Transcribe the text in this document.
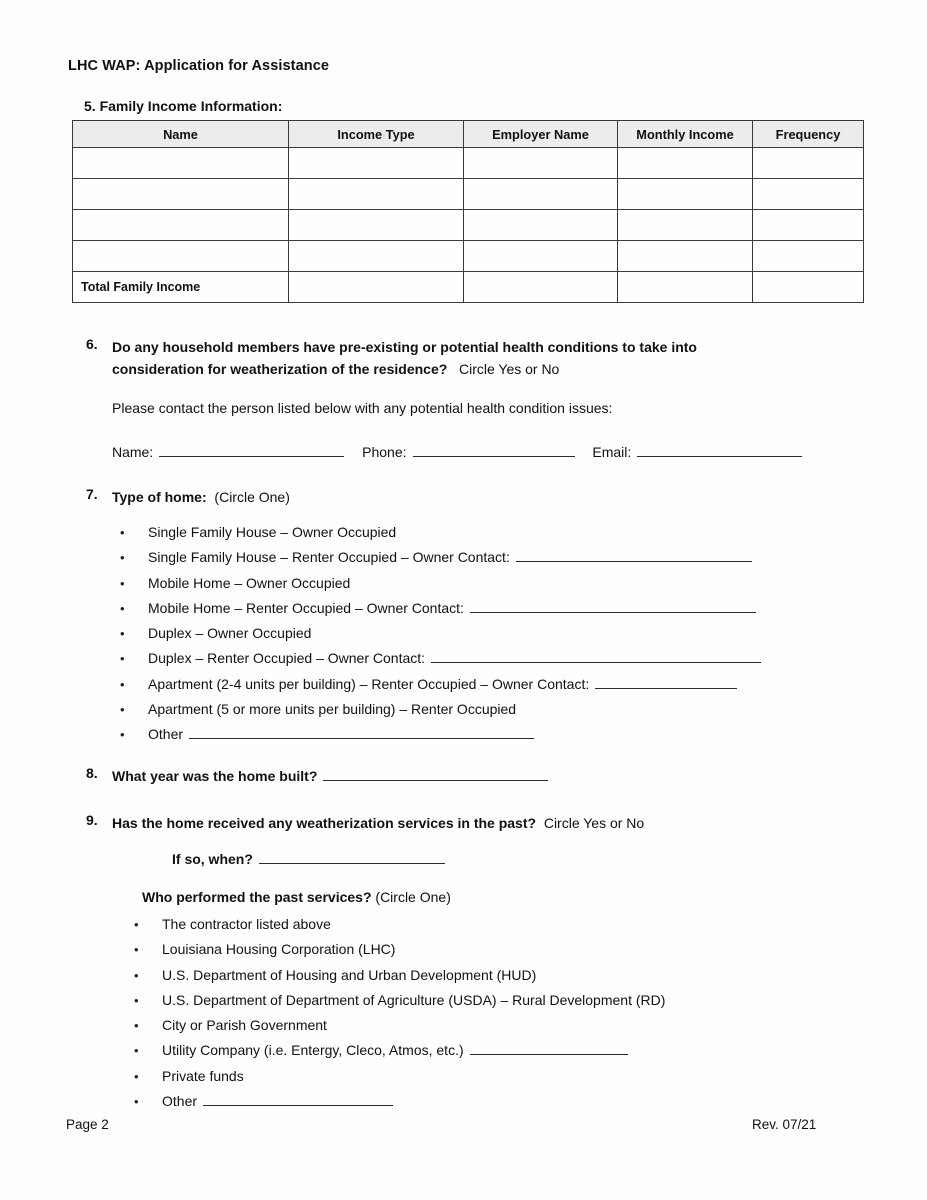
LHC WAP: Application for Assistance
5. Family Income Information:
Name	Income Type	Employer Name	Monthly Income	Frequency

Total Family Income				
6. Do any household members have pre-existing or potential health conditions to take into
consideration for weatherization of the residence? Circle Yes or No
Please contact the person listed below with any potential health condition issues:
Name:	Phone:	Email:
7. Type of home: (Circle One)
• Single Family House – Owner Occupied
• Single Family House – Renter Occupied – Owner Contact:
• Mobile Home – Owner Occupied
• Mobile Home – Renter Occupied – Owner Contact:
• Duplex – Owner Occupied
• Duplex – Renter Occupied – Owner Contact:
• Apartment (2-4 units per building) – Renter Occupied – Owner Contact:
• Apartment (5 or more units per building) – Renter Occupied
• Other
8. What year was the home built?
9. Has the home received any weatherization services in the past? Circle Yes or No
If so, when?
Who performed the past services? (Circle One)
• The contractor listed above
• Louisiana Housing Corporation (LHC)
• U.S. Department of Housing and Urban Development (HUD)
• U.S. Department of Department of Agriculture (USDA) – Rural Development (RD)
• City or Parish Government
• Utility Company (i.e. Entergy, Cleco, Atmos, etc.)
• Private funds
• Other
Page 2	Rev. 07/21
